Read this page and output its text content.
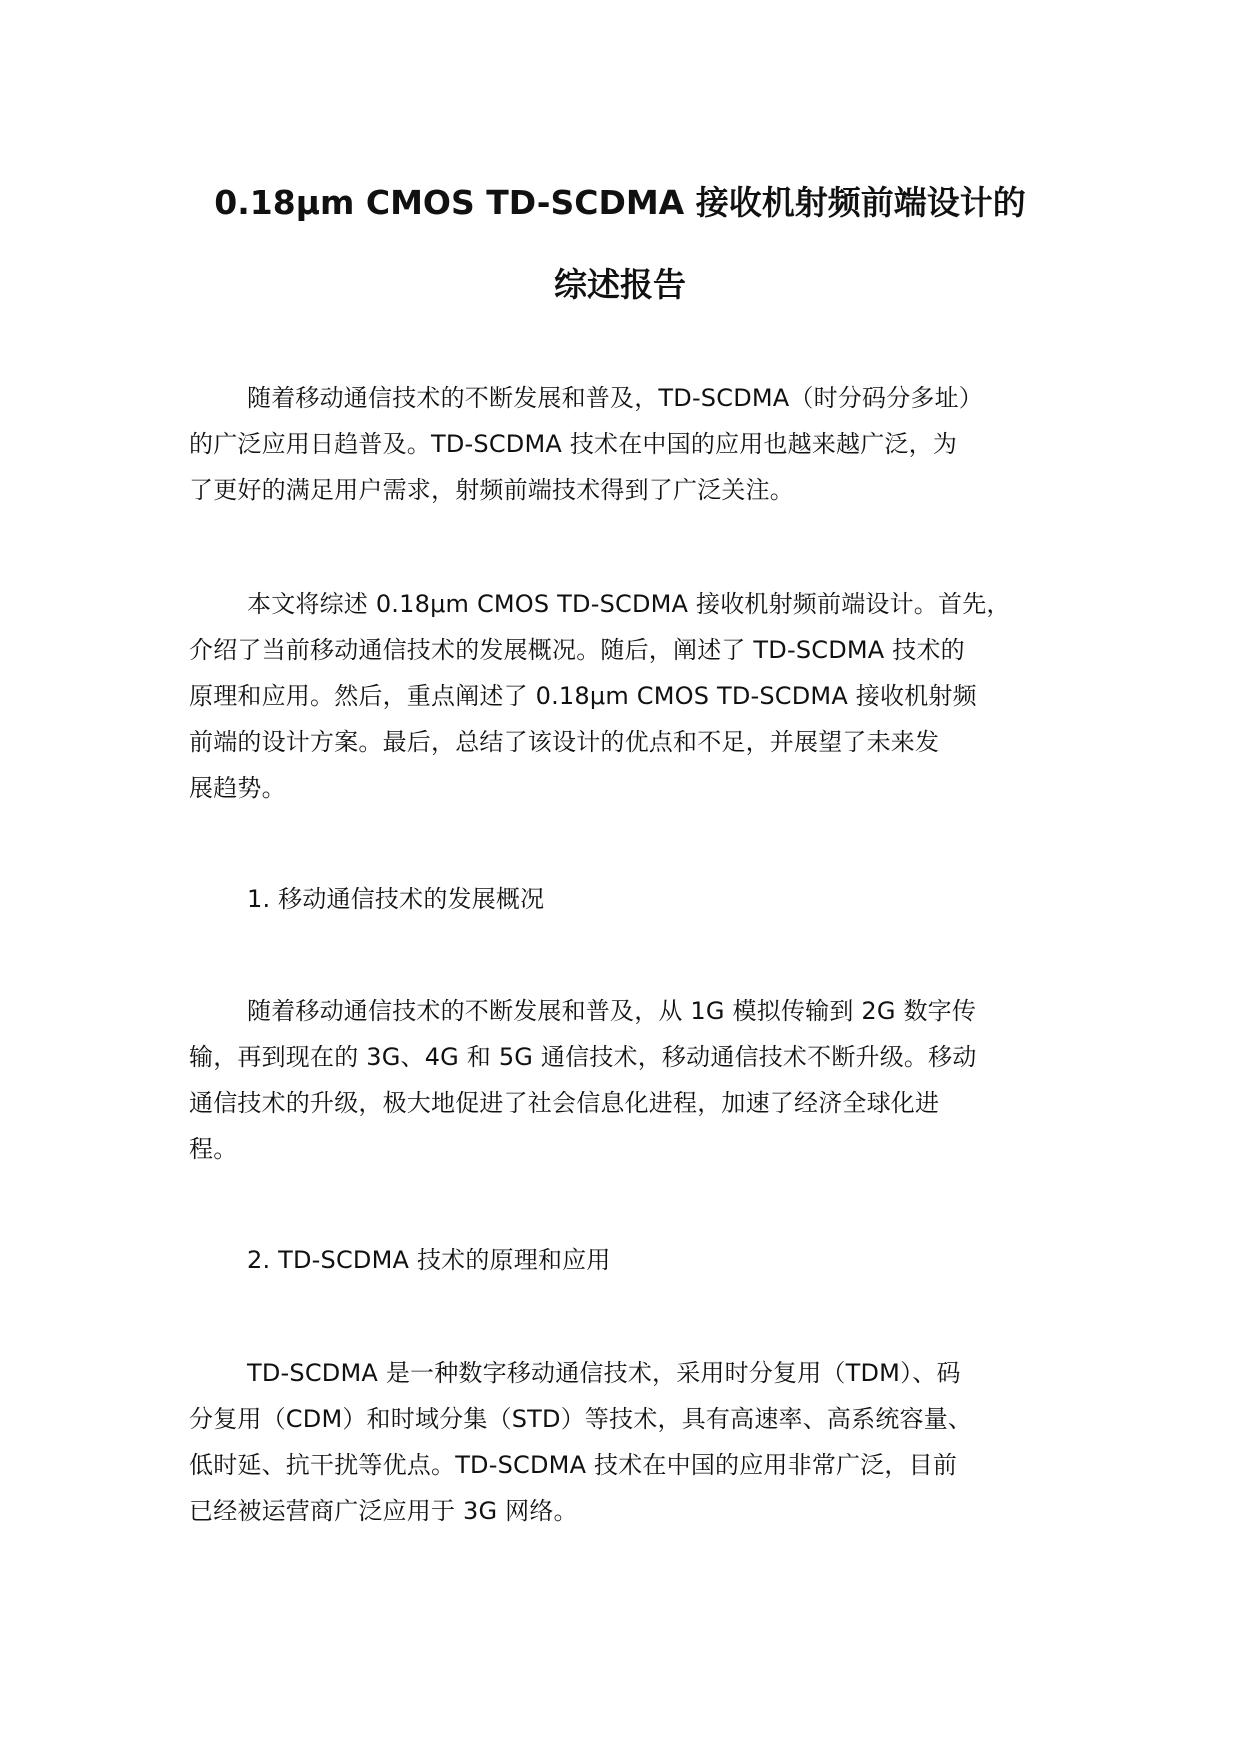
0.18μm CMOS TD-SCDMA 接收机射频前端设计的
综述报告
随着移动通信技术的不断发展和普及，TD-SCDMA（时分码分多址）
的广泛应用日趋普及。TD-SCDMA 技术在中国的应用也越来越广泛，为
了更好的满足用户需求，射频前端技术得到了广泛关注。
本文将综述 0.18μm CMOS TD-SCDMA 接收机射频前端设计。首先，
介绍了当前移动通信技术的发展概况。随后，阐述了 TD-SCDMA 技术的
原理和应用。然后，重点阐述了 0.18μm CMOS TD-SCDMA 接收机射频
前端的设计方案。最后，总结了该设计的优点和不足，并展望了未来发
展趋势。
1. 移动通信技术的发展概况
随着移动通信技术的不断发展和普及，从 1G 模拟传输到 2G 数字传
输，再到现在的 3G、4G 和 5G 通信技术，移动通信技术不断升级。移动
通信技术的升级，极大地促进了社会信息化进程，加速了经济全球化进
程。
2. TD-SCDMA 技术的原理和应用
TD-SCDMA 是一种数字移动通信技术，采用时分复用（TDM）、码
分复用（CDM）和时域分集（STD）等技术，具有高速率、高系统容量、
低时延、抗干扰等优点。TD-SCDMA 技术在中国的应用非常广泛，目前
已经被运营商广泛应用于 3G 网络。
